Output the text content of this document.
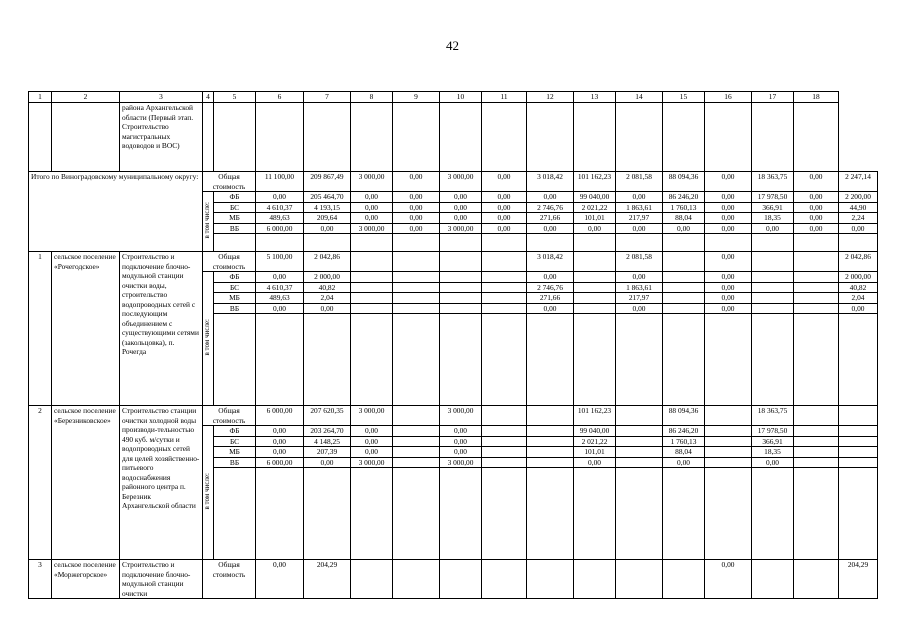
42
1	2	3	4	5	6	7	8	9	10	11	12	13	14	15	16	17	18	
		района Архангельской области (Первый этап. Строительство магистральных водоводов и ВОС)																
Итого по Виноградовскому муниципальному округу:			Общая стоимость		11 100,00	209 867,49	3 000,00	0,00	3 000,00	0,00	3 018,42	101 162,23	2 081,58	88 094,36	0,00	18 363,75	0,00	2 247,14
			в том числе:	ФБ	0,00	205 464,70	0,00	0,00	0,00	0,00	0,00	99 040,00	0,00	86 246,20	0,00	17 978,50	0,00	2 200,00
				БС	4 610,37	4 193,15	0,00	0,00	0,00	0,00	2 746,76	2 021,22	1 863,61	1 760,13	0,00	366,91	0,00	44,90
				МБ	489,63	209,64	0,00	0,00	0,00	0,00	271,66	101,01	217,97	88,04	0,00	18,35	0,00	2,24
				ВБ	6 000,00	0,00	3 000,00	0,00	3 000,00	0,00	0,00	0,00	0,00	0,00	0,00	0,00	0,00	0,00

1	сельское поселение «Рочегодское»	Строительство и подключение блочно-модульной станции очистки воды, строительство водопроводных сетей с последующим объединением с существующими сетями (закольцовка), п. Рочегда	Общая стоимость		5 100,00	2 042,86					3 018,42		2 081,58		0,00			2 042,86
			в том числе:	ФБ	0,00	2 000,00					0,00		0,00		0,00			2 000,00
				БС	4 610,37	40,82					2 746,76		1 863,61		0,00			40,82
				МБ	489,63	2,04					271,66		217,97		0,00			2,04
				ВБ	0,00	0,00					0,00		0,00		0,00			0,00

2	сельское поселение «Березниковское»	Строительство станции очистки холодной воды производи-тельностью 490 куб. м/сутки и водопроводных сетей для целей хозяйственно-питьевого водоснабжения районного центра п. Березник Архангельской области	Общая стоимость		6 000,00	207 620,35	3 000,00		3 000,00			101 162,23		88 094,36		18 363,75		
			в том числе:	ФБ	0,00	203 264,70	0,00		0,00			99 040,00		86 246,20		17 978,50		
				БС	0,00	4 148,25	0,00		0,00			2 021,22		1 760,13		366,91		
				МБ	0,00	207,39	0,00		0,00			101,01		88,04		18,35		
				ВБ	6 000,00	0,00	3 000,00		3 000,00			0,00		0,00		0,00		

3	сельское поселение «Моржегорское»	Строительство и подключение блочно-модульной станции очистки	Общая стоимость		0,00	204,29									0,00			204,29
